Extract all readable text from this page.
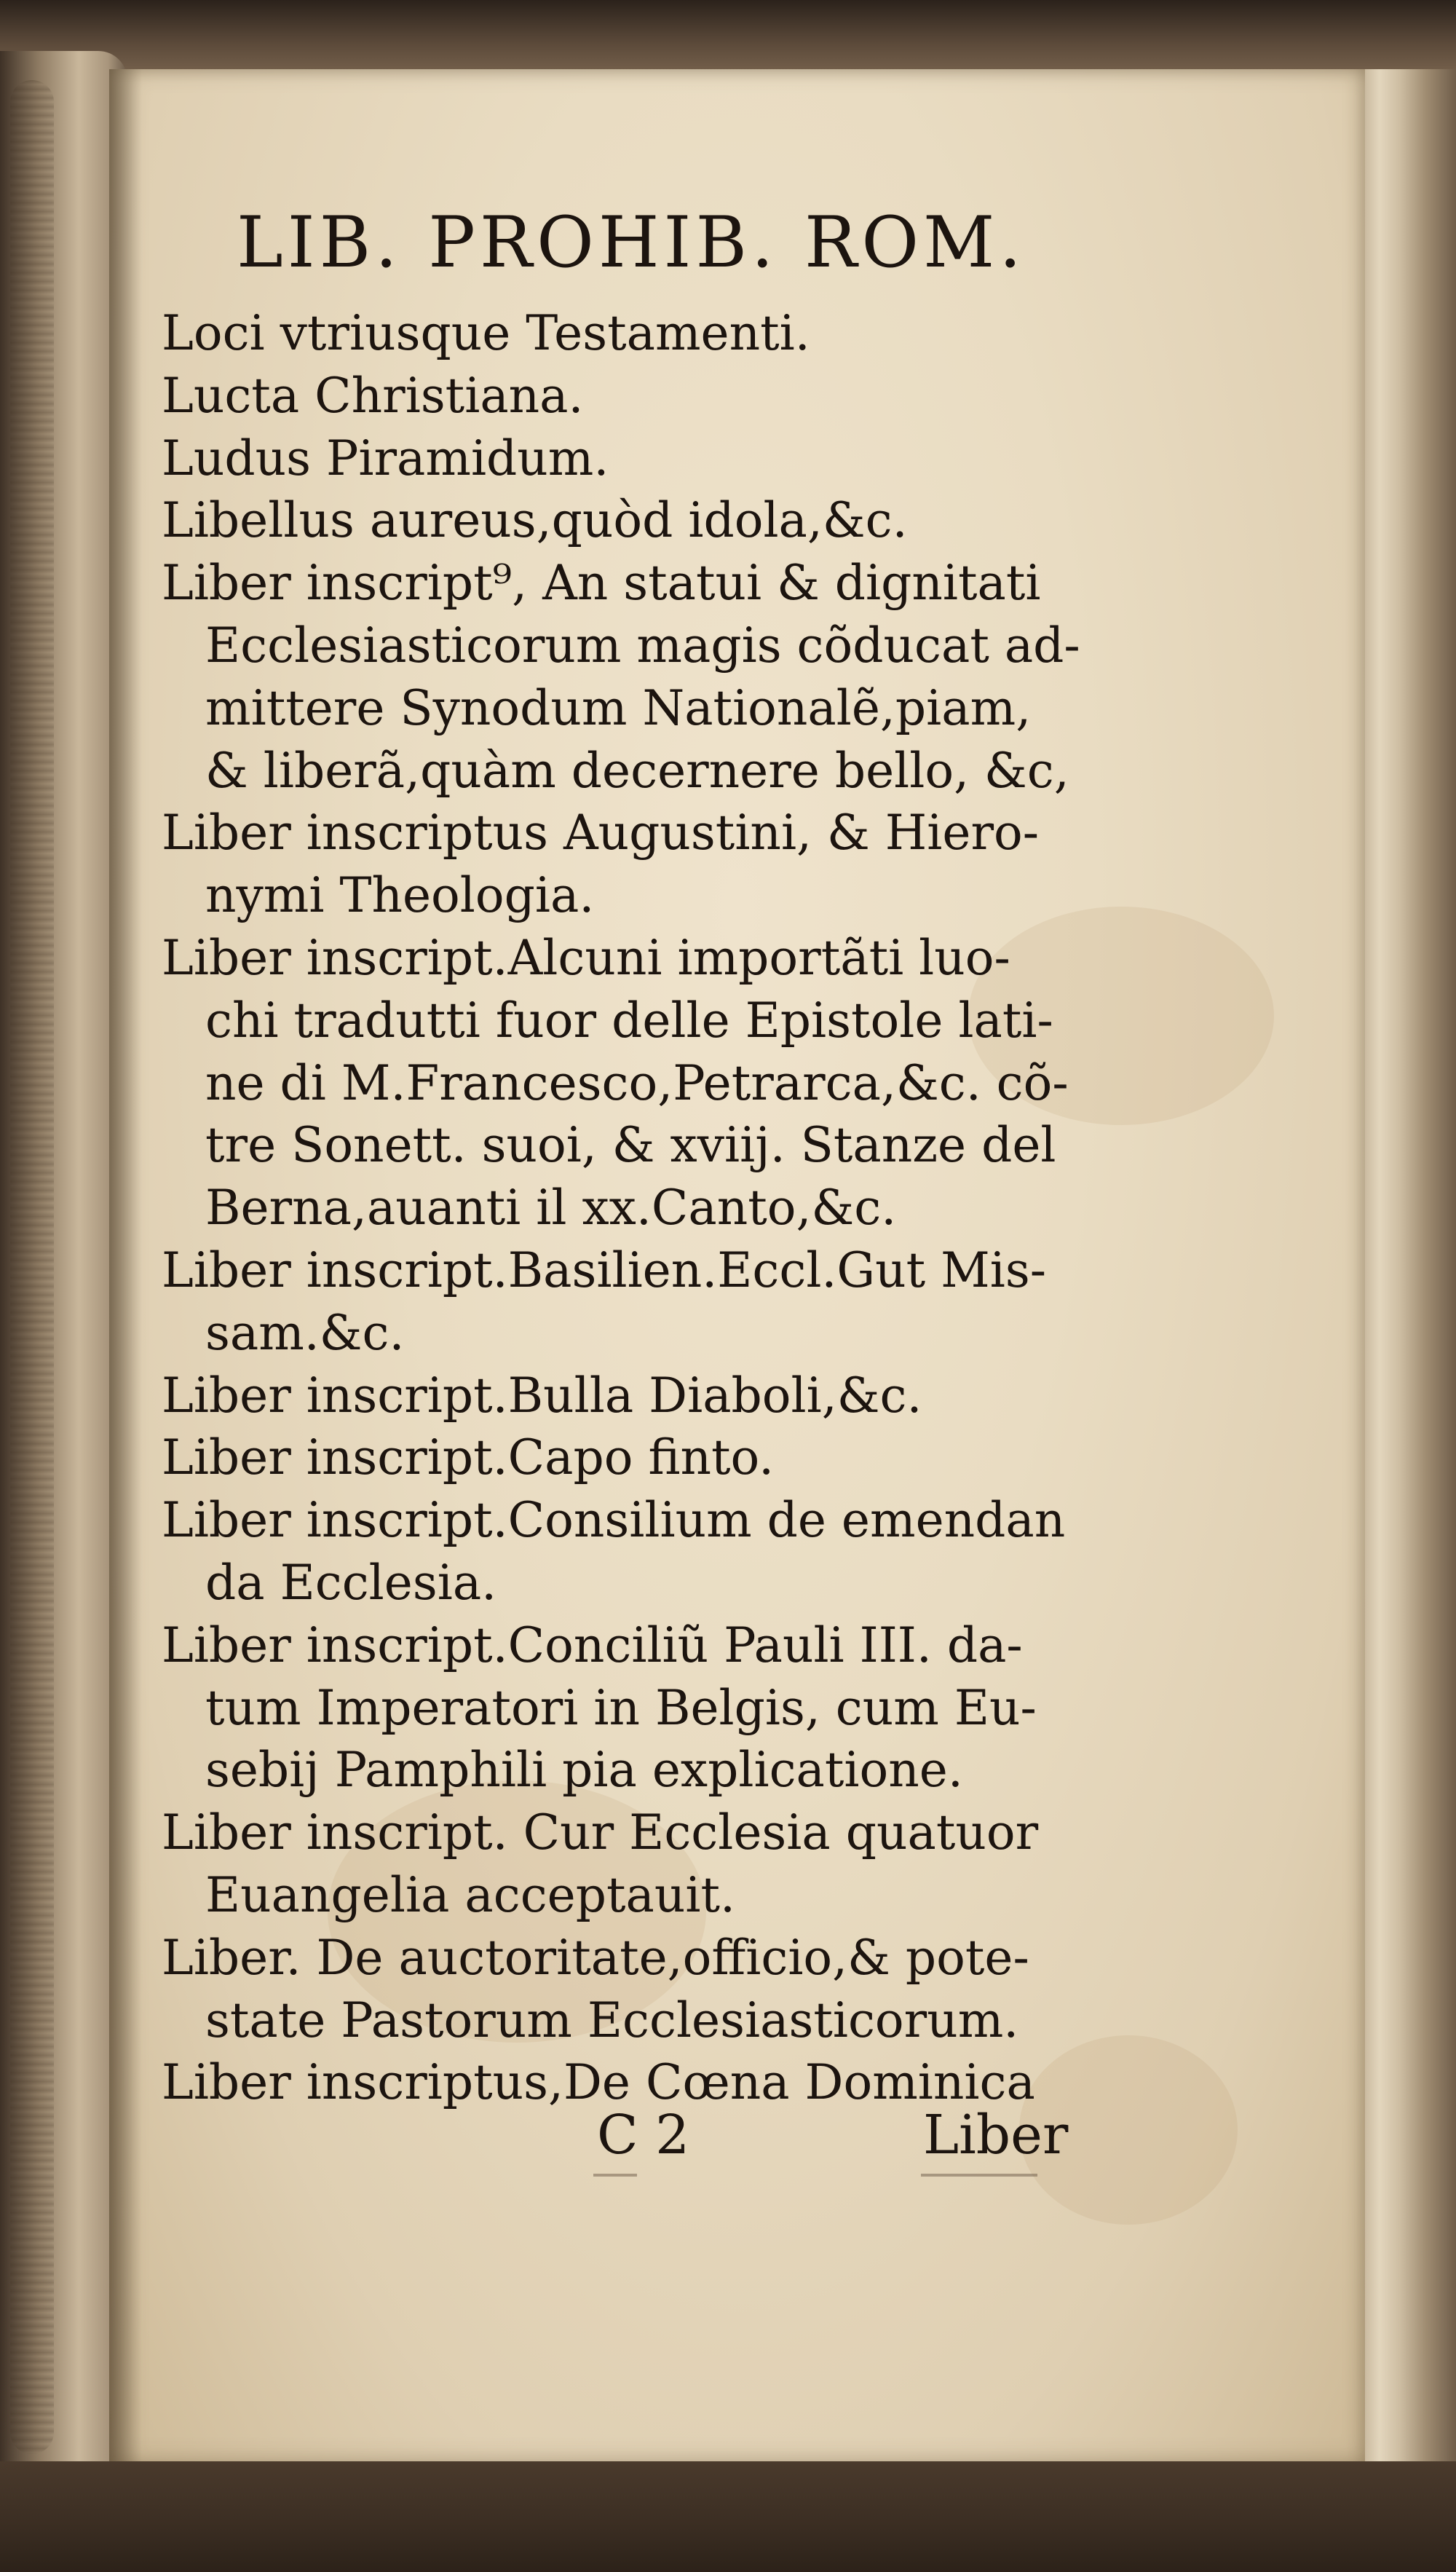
LIB. PROHIB. ROM.
Loci vtriusque Testamenti.
Lucta Christiana.
Ludus Piramidum.
Libellus aureus,quòd idola,&c.
Liber inscript⁹, An statui & dignitati
Ecclesiasticorum magis cõducat ad-
mittere Synodum Nationalẽ,piam,
& liberã,quàm decernere bello, &c,
Liber inscriptus Augustini, & Hiero-
nymi Theologia.
Liber inscript.Alcuni importãti luo-
chi tradutti fuor delle Epistole lati-
ne di M.Francesco,Petrarca,&c. cõ-
tre Sonett. suoi, & xviij. Stanze del
Berna,auanti il xx.Canto,&c.
Liber inscript.Basilien.Eccl.Gut Mis-
sam.&c.
Liber inscript.Bulla Diaboli,&c.
Liber inscript.Capo finto.
Liber inscript.Consilium de emendan
da Ecclesia.
Liber inscript.Conciliũ Pauli III. da-
tum Imperatori in Belgis, cum Eu-
sebij Pamphili pia explicatione.
Liber inscript. Cur Ecclesia quatuor
Euangelia acceptauit.
Liber. De auctoritate,officio,& pote-
state Pastorum Ecclesiasticorum.
Liber inscriptus,De Cœna Dominica
C 2	Liber
